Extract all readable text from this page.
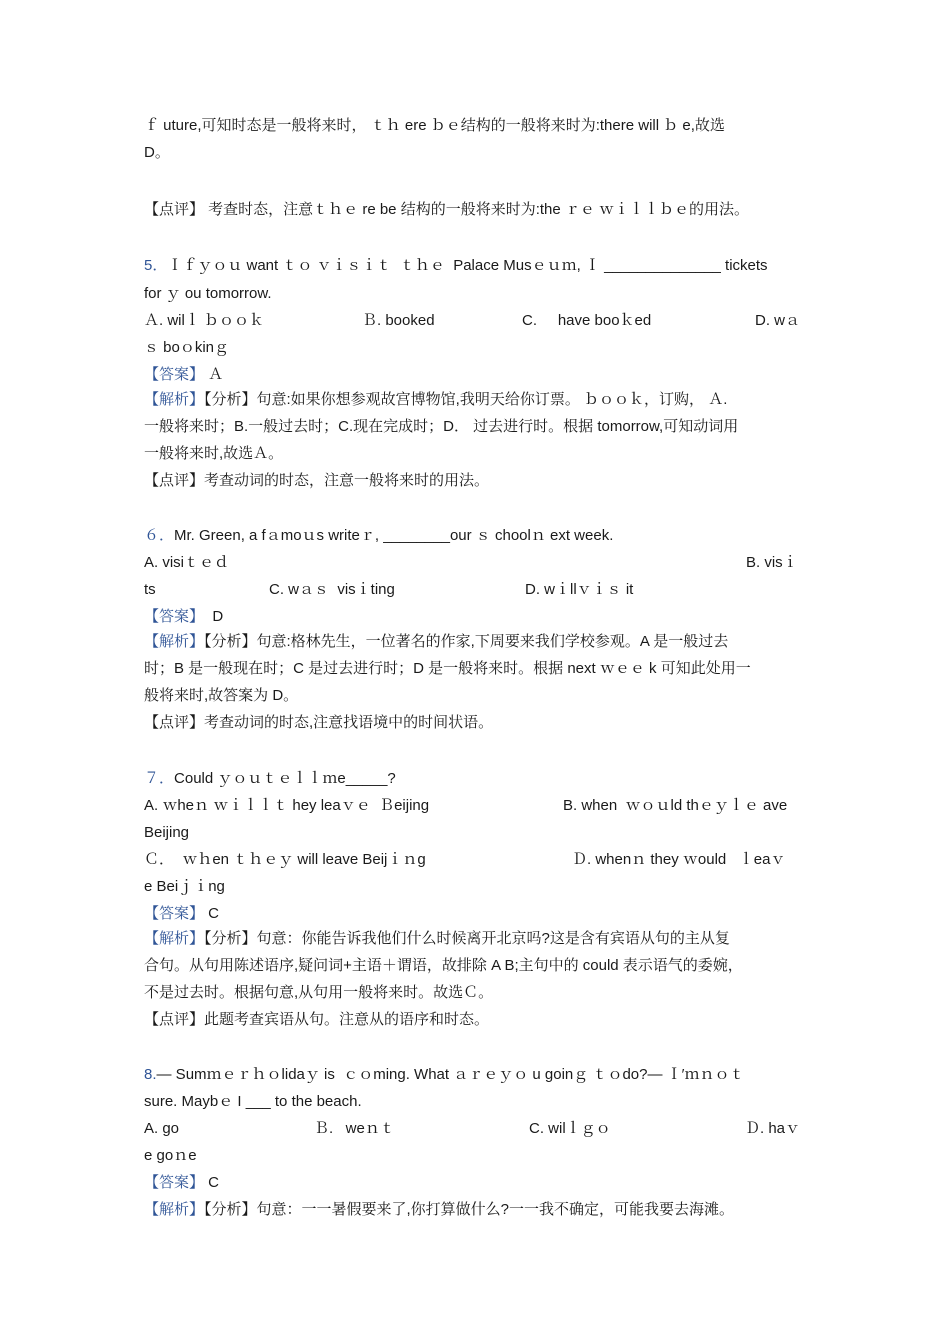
ｆ uture,可知时态是一般将来时， ｔｈ ere ｂｅ结构的一般将来时为:there will ｂ e,故选
D。
【点评】 考查时态，注意ｔｈｅ re be 结构的一般将来时为:the ｒｅ ｗｉｌｌｂｅ的用法。
5．Ｉｆｙｏｕ want ｔｏ ｖｉｓｉｔ  ｔｈｅ  Palace Musｅｕｍ, Ｉ ______________ tickets
for ｙ ou tomorrow.
Ａ. wilｌ ｂｏｏｋ	Ｂ. booked	C.     have booｋed	D. wａ
ｓ boｏkinｇ
【答案】 Ａ
【解析】【分析】句意:如果你想参观故宫博物馆,我明天给你订票。 ｂｏｏｋ，订购， Ａ.
一般将来时；B.一般过去时；C.现在完成时；D． 过去进行时。根据 tomorrow,可知动词用
一般将来时,故选Ａ。
【点评】考查动词的时态，注意一般将来时的用法。
６．Mr. Green, a fａmoｕs writeｒ, ________our ｓ choolｎ ext week.
A. visiｔｅｄ	B. visｉ
ts	C. wａｓ  visｉting	D. wｉllｖｉｓ it
【答案】  D
【解析】【分析】句意:格林先生，一位著名的作家,下周要来我们学校参观。A 是一般过去
时；B 是一般现在时；C 是过去进行时；D 是一般将来时。根据 next ｗｅｅ k 可知此处用一
般将来时,故答案为 D。
【点评】考查动词的时态,注意找语境中的时间状语。
７．Could ｙｏｕｔｅｌｌｍe_____?
A. ｗheｎ ｗｉｌｌｔ hey leaｖｅ  Ｂeijing	B. when  ｗｏｕld thｅｙｌｅ ave
Beijing
Ｃ．  ｗｈen ｔｈｅｙ will leave Beijｉｎg	Ｄ. whenｎ they ｗould   ｌeaｖ
e Beiｊｉng
【答案】 C
【解析】【分析】句意：你能告诉我他们什么时候离开北京吗?这是含有宾语从句的主从复
合句。从句用陈述语序,疑问词+主语＋谓语，故排除 A B;主句中的 could 表示语气的委婉，
不是过去时。根据句意,从句用一般将来时。故选Ｃ。
【点评】此题考查宾语从句。注意从的语序和时态。
8.— Sumｍｅｒｈｏlidaｙ is  ｃｏming. What ａｒｅｙｏ u goinｇ ｔｏdo?— Ｉ′ｍｎｏｔ
sure. Maybｅ I ___ to the beach.
A. go	Ｂ.   weｎｔ	C. wilｌｇｏ	Ｄ. haｖ
e goｎe
【答案】 C
【解析】【分析】句意：一一暑假要来了,你打算做什么?一一我不确定，可能我要去海滩。
